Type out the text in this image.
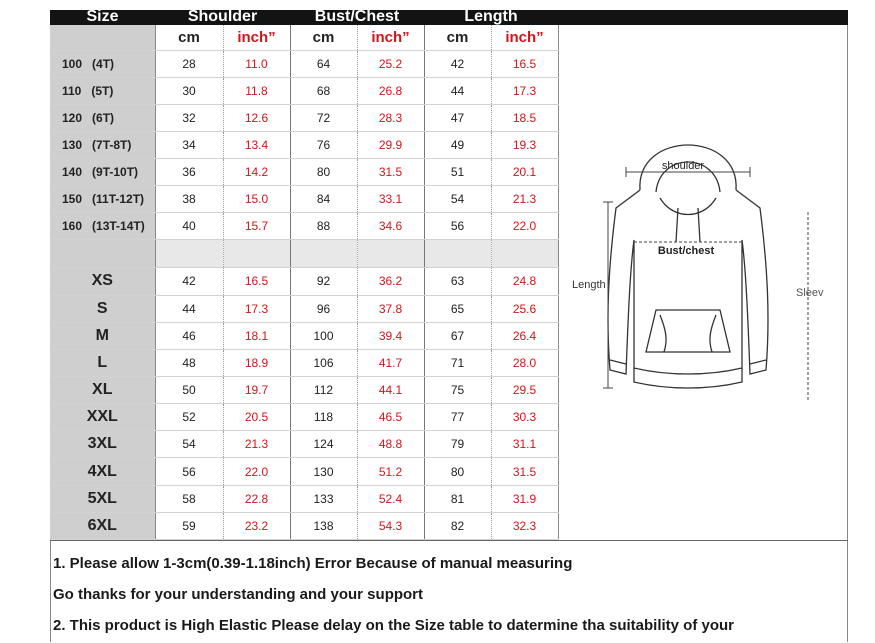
Size	Shoulder	Bust/Chest	Length
	cm	inch”	cm	inch”	cm	inch”
100 (4T)	28	11.0	64	25.2	42	16.5
110 (5T)	30	11.8	68	26.8	44	17.3
120 (6T)	32	12.6	72	28.3	47	18.5
130 (7T-8T)	34	13.4	76	29.9	49	19.3
140 (9T-10T)	36	14.2	80	31.5	51	20.1
150 (11T-12T)	38	15.0	84	33.1	54	21.3
160 (13T-14T)	40	15.7	88	34.6	56	22.0

XS	42	16.5	92	36.2	63	24.8
S	44	17.3	96	37.8	65	25.6
M	46	18.1	100	39.4	67	26.4
L	48	18.9	106	41.7	71	28.0
XL	50	19.7	112	44.1	75	29.5
XXL	52	20.5	118	46.5	77	30.3
3XL	54	21.3	124	48.8	79	31.1
4XL	56	22.0	130	51.2	80	31.5
5XL	58	22.8	133	52.4	81	31.9
6XL	59	23.2	138	54.3	82	32.3
shoulder
Bust/chest
Length
Sleev
1. Please allow 1-3cm(0.39-1.18inch) Error Because of manual measuring
Go thanks for your understanding and your support
2. This product is High Elastic Please delay on the Size table to datermine tha suitability of your
